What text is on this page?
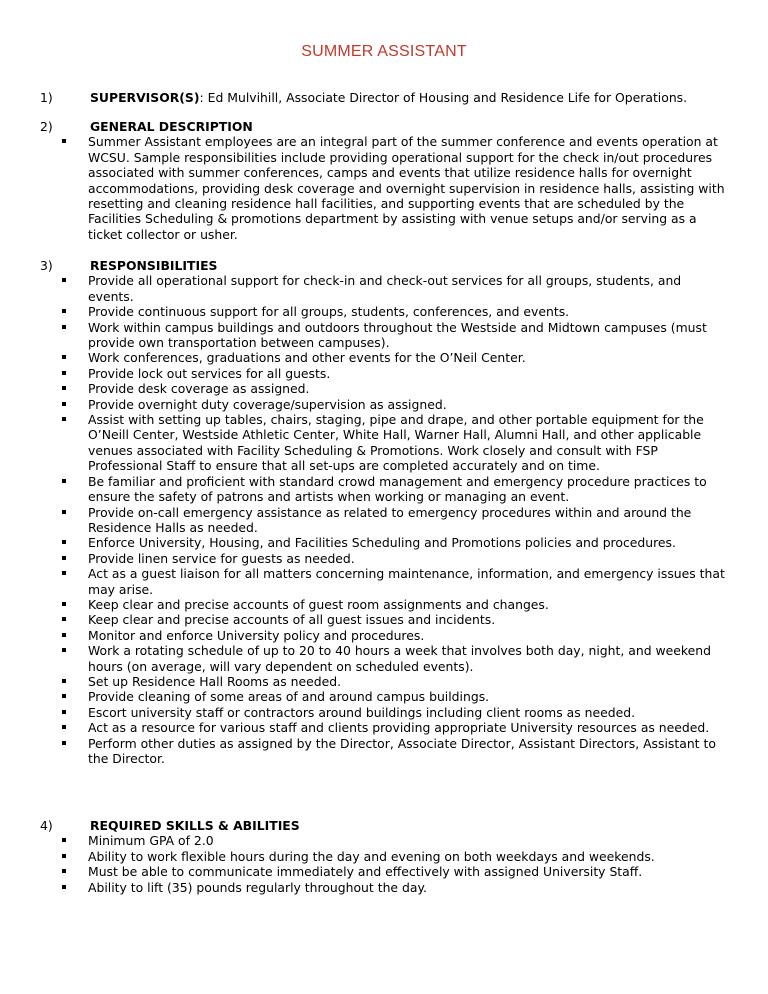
SUMMER ASSISTANT
1)	SUPERVISOR(S): Ed Mulvihill, Associate Director of Housing and Residence Life for Operations.
2)	GENERAL DESCRIPTION
Summer Assistant employees are an integral part of the summer conference and events operation at WCSU. Sample responsibilities include providing operational support for the check in/out procedures associated with summer conferences, camps and events that utilize residence halls for overnight accommodations, providing desk coverage and overnight supervision in residence halls, assisting with resetting and cleaning residence hall facilities, and supporting events that are scheduled by the Facilities Scheduling & promotions department by assisting with venue setups and/or serving as a ticket collector or usher.
3)	RESPONSIBILITIES
Provide all operational support for check-in and check-out services for all groups, students, and events.
Provide continuous support for all groups, students, conferences, and events.
Work within campus buildings and outdoors throughout the Westside and Midtown campuses (must provide own transportation between campuses).
Work conferences, graduations and other events for the O’Neil Center.
Provide lock out services for all guests.
Provide desk coverage as assigned.
Provide overnight duty coverage/supervision as assigned.
Assist with setting up tables, chairs, staging, pipe and drape, and other portable equipment for the O’Neill Center, Westside Athletic Center, White Hall, Warner Hall, Alumni Hall, and other applicable venues associated with Facility Scheduling & Promotions. Work closely and consult with FSP Professional Staff to ensure that all set-ups are completed accurately and on time.
Be familiar and proficient with standard crowd management and emergency procedure practices to ensure the safety of patrons and artists when working or managing an event.
Provide on-call emergency assistance as related to emergency procedures within and around the Residence Halls as needed.
Enforce University, Housing, and Facilities Scheduling and Promotions policies and procedures.
Provide linen service for guests as needed.
Act as a guest liaison for all matters concerning maintenance, information, and emergency issues that may arise.
Keep clear and precise accounts of guest room assignments and changes.
Keep clear and precise accounts of all guest issues and incidents.
Monitor and enforce University policy and procedures.
Work a rotating schedule of up to 20 to 40 hours a week that involves both day, night, and weekend hours (on average, will vary dependent on scheduled events).
Set up Residence Hall Rooms as needed.
Provide cleaning of some areas of and around campus buildings.
Escort university staff or contractors around buildings including client rooms as needed.
Act as a resource for various staff and clients providing appropriate University resources as needed.
Perform other duties as assigned by the Director, Associate Director, Assistant Directors, Assistant to the Director.
4)	REQUIRED SKILLS & ABILITIES
Minimum GPA of 2.0
Ability to work flexible hours during the day and evening on both weekdays and weekends.
Must be able to communicate immediately and effectively with assigned University Staff.
Ability to lift (35) pounds regularly throughout the day.
